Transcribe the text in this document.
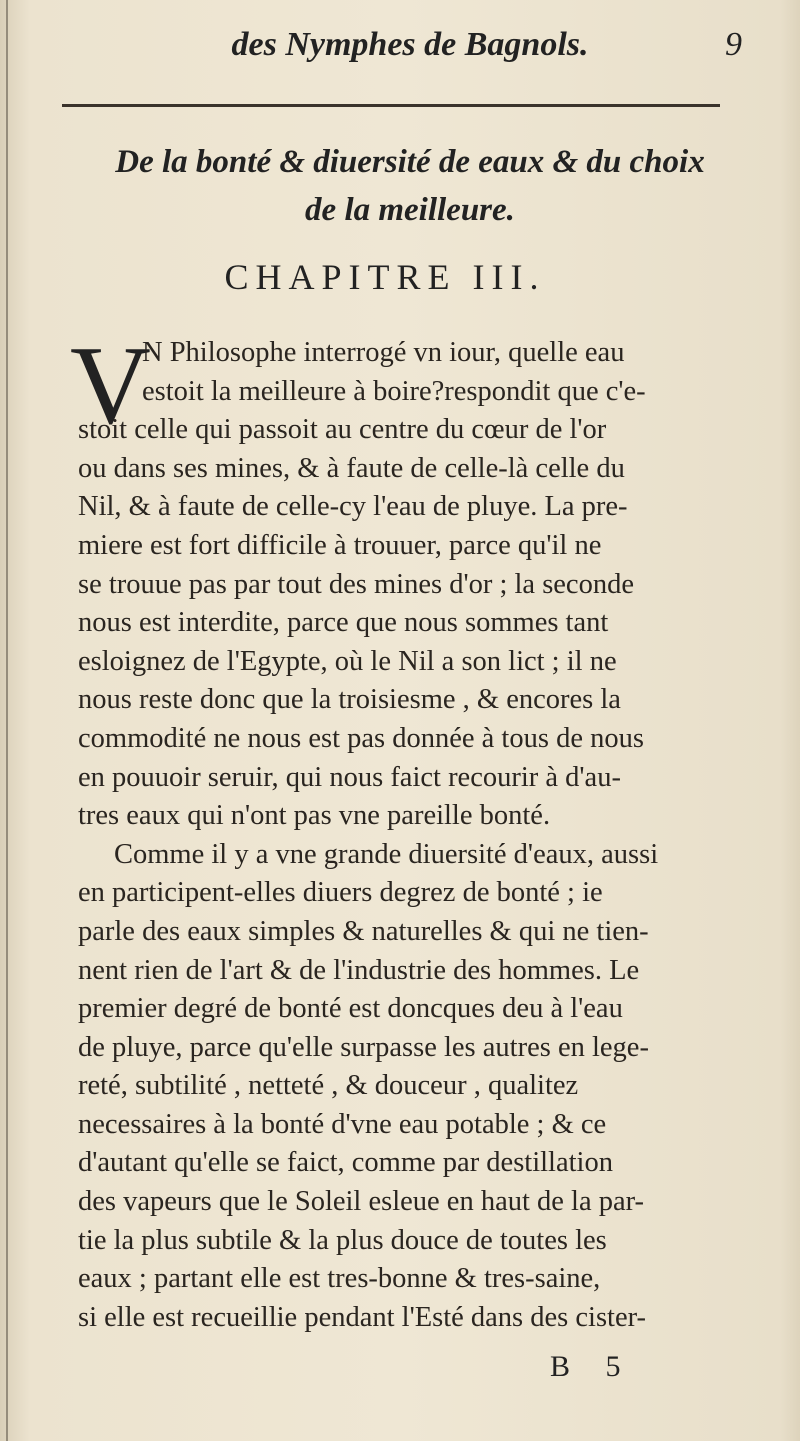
des Nymphes de Bagnols.	9
De la bonté & diuersité de eaux & du choix
de la meilleure.
CHAPITRE III.
V
N Philosophe interrogé vn iour, quelle eau
estoit la meilleure à boire?respondit que c'e-
stoit celle qui passoit au centre du cœur de l'or
ou dans ses mines, & à faute de celle-là celle du
Nil, & à faute de celle-cy l'eau de pluye. La pre-
miere est fort difficile à trouuer, parce qu'il ne
se trouue pas par tout des mines d'or ; la seconde
nous est interdite, parce que nous sommes tant
esloignez de l'Egypte, où le Nil a son lict ; il ne
nous reste donc que la troisiesme , & encores la
commodité ne nous est pas donnée à tous de nous
en pouuoir seruir, qui nous faict recourir à d'au-
tres eaux qui n'ont pas vne pareille bonté.
Comme il y a vne grande diuersité d'eaux, aussi
en participent-elles diuers degrez de bonté ; ie
parle des eaux simples & naturelles & qui ne tien-
nent rien de l'art & de l'industrie des hommes. Le
premier degré de bonté est doncques deu à l'eau
de pluye, parce qu'elle surpasse les autres en lege-
reté, subtilité , netteté , & douceur , qualitez
necessaires à la bonté d'vne eau potable ; & ce
d'autant qu'elle se faict, comme par destillation
des vapeurs que le Soleil esleue en haut de la par-
tie la plus subtile & la plus douce de toutes les
eaux ; partant elle est tres-bonne & tres-saine,
si elle est recueillie pendant l'Esté dans des cister-
B 5
